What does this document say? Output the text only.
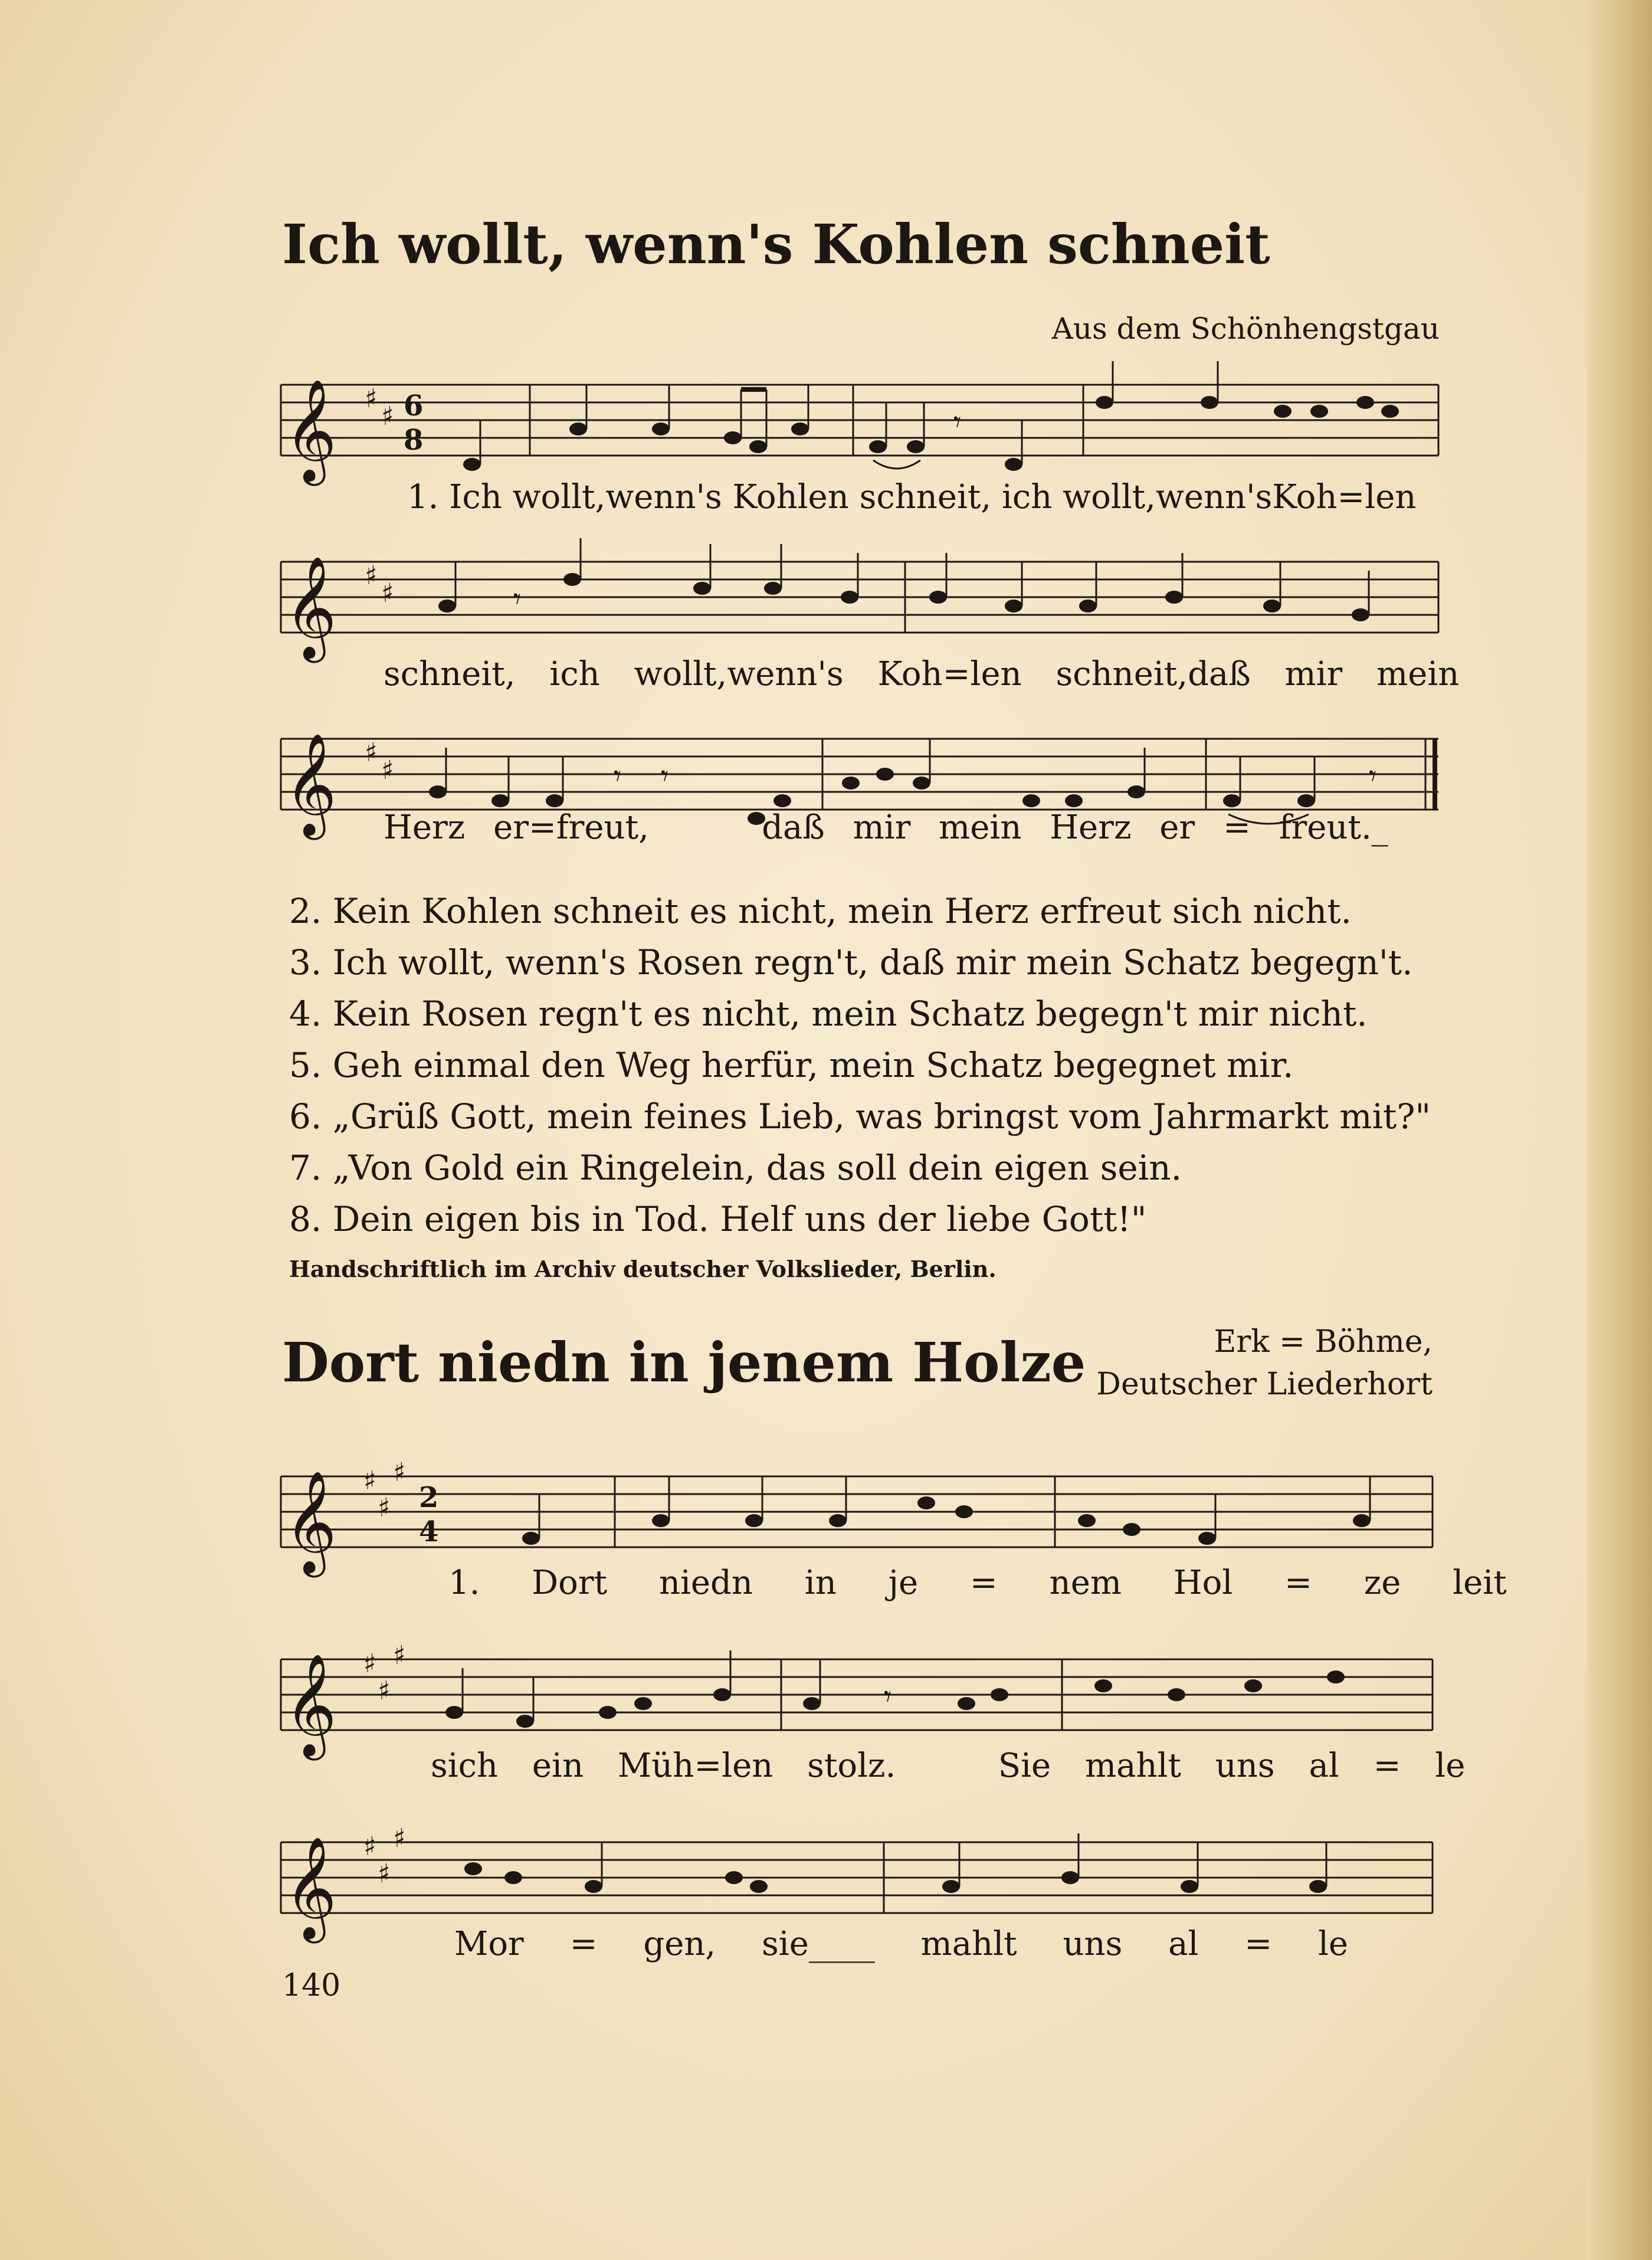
Ich wollt, wenn's Kohlen schneit
Aus dem Schönhengstgau
𝄞 ♯
♯ 6
8
𝄾
1. Ich wollt,wenn's Kohlen schneit, ich wollt,wenn'sKoh=len
𝄞 ♯
♯	𝄾
schneit, ich wollt,wenn's Koh=len schneit,daß mir mein
𝄞 ♯
♯	𝄾 𝄾	𝄾
Herz er=freut,	daß mir mein Herz er = freut._
2. Kein Kohlen schneit es nicht, mein Herz erfreut sich nicht.
3. Ich wollt, wenn's Rosen regn't, daß mir mein Schatz begegn't.
4. Kein Rosen regn't es nicht, mein Schatz begegn't mir nicht.
5. Geh einmal den Weg herfür, mein Schatz begegnet mir.
6. „Grüß Gott, mein feines Lieb, was bringst vom Jahrmarkt mit?"
7. „Von Gold ein Ringelein, das soll dein eigen sein.
8. Dein eigen bis in Tod. Helf uns der liebe Gott!"
Handschriftlich im Archiv deutscher Volkslieder, Berlin.
Dort niedn in jenem Holze	Erk = Böhme,
Deutscher Liederhort
𝄞 ♯
♯
♯
2
4
1. Dort niedn in je = nem Hol = ze leit
𝄞 ♯
♯
♯
𝄾
sich ein Müh=len stolz.	Sie mahlt uns al = le
𝄞 ♯
♯
♯
Mor = gen, sie____ mahlt uns al = le
140
